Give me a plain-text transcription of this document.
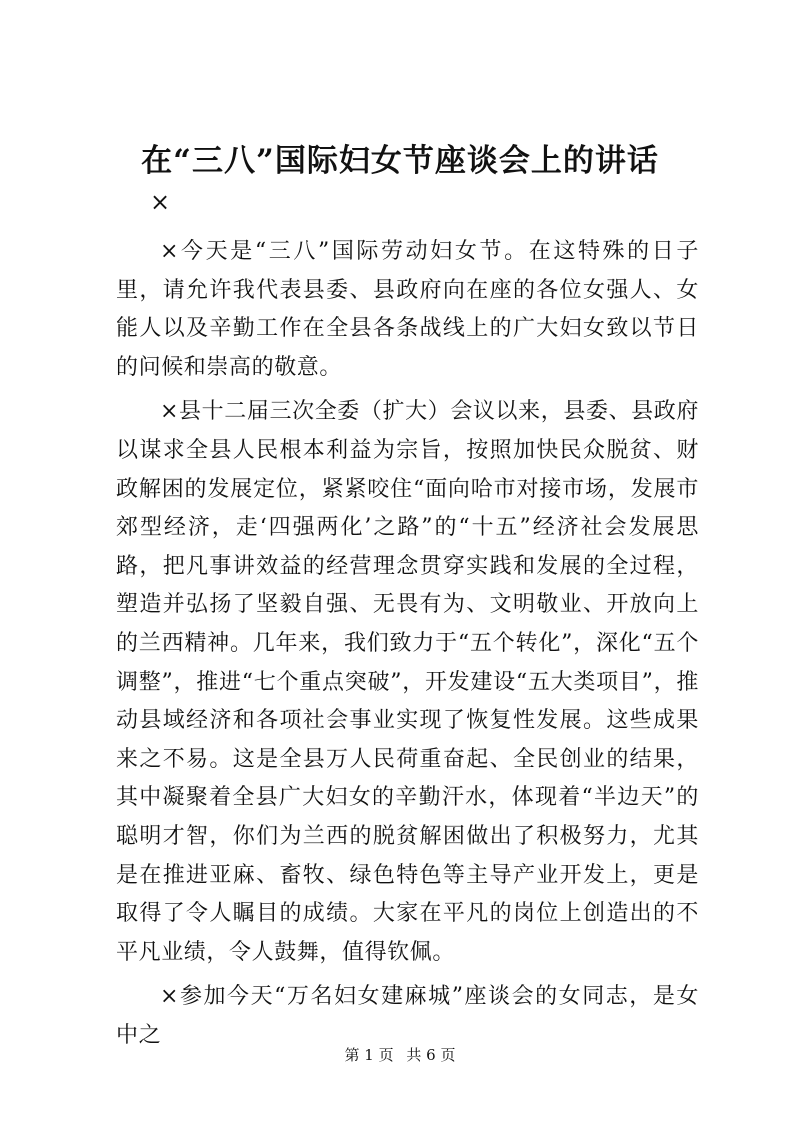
在“三八”国际妇女节座谈会上的讲话

×

×今天是“三八”国际劳动妇女节。在这特殊的日子里，请允许我代表县委、县政府向在座的各位女强人、女能人以及辛勤工作在全县各条战线上的广大妇女致以节日的问候和崇高的敬意。

×县十二届三次全委（扩大）会议以来，县委、县政府以谋求全县人民根本利益为宗旨，按照加快民众脱贫、财政解困的发展定位，紧紧咬住“面向哈市对接市场，发展市郊型经济，走‘四强两化’之路”的“十五”经济社会发展思路，把凡事讲效益的经营理念贯穿实践和发展的全过程，塑造并弘扬了坚毅自强、无畏有为、文明敬业、开放向上的兰西精神。几年来，我们致力于“五个转化”，深化“五个调整”，推进“七个重点突破”，开发建设“五大类项目”，推动县域经济和各项社会事业实现了恢复性发展。这些成果来之不易。这是全县万人民荷重奋起、全民创业的结果，其中凝聚着全县广大妇女的辛勤汗水，体现着“半边天”的聪明才智，你们为兰西的脱贫解困做出了积极努力，尤其是在推进亚麻、畜牧、绿色特色等主导产业开发上，更是取得了令人瞩目的成绩。大家在平凡的岗位上创造出的不平凡业绩，令人鼓舞，值得钦佩。

×参加今天“万名妇女建麻城”座谈会的女同志，是女中之

第 1 页 共 6 页
